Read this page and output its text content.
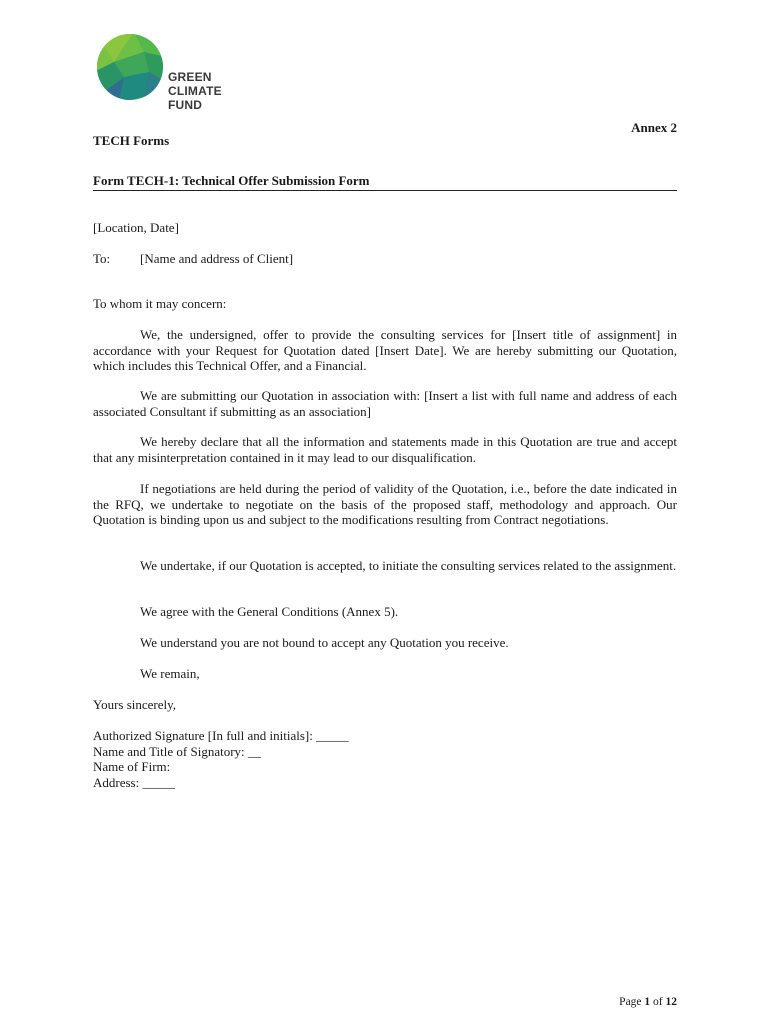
GREEN
CLIMATE
FUND
Annex 2
TECH Forms
Form TECH-1: Technical Offer Submission Form
[Location, Date]
To: [Name and address of Client]
To whom it may concern:
We, the undersigned, offer to provide the consulting services for [Insert title of assignment] in accordance with your Request for Quotation dated [Insert Date]. We are hereby submitting our Quotation, which includes this Technical Offer, and a Financial.
We are submitting our Quotation in association with: [Insert a list with full name and address of each associated Consultant if submitting as an association]
We hereby declare that all the information and statements made in this Quotation are true and accept that any misinterpretation contained in it may lead to our disqualification.
If negotiations are held during the period of validity of the Quotation, i.e., before the date indicated in the RFQ, we undertake to negotiate on the basis of the proposed staff, methodology and approach. Our Quotation is binding upon us and subject to the modifications resulting from Contract negotiations.
We undertake, if our Quotation is accepted, to initiate the consulting services related to the assignment.
We agree with the General Conditions (Annex 5).
We understand you are not bound to accept any Quotation you receive.
We remain,
Yours sincerely,
Authorized Signature [In full and initials]: _____
Name and Title of Signatory: __
Name of Firm:
Address: _____
Page 1 of 12
